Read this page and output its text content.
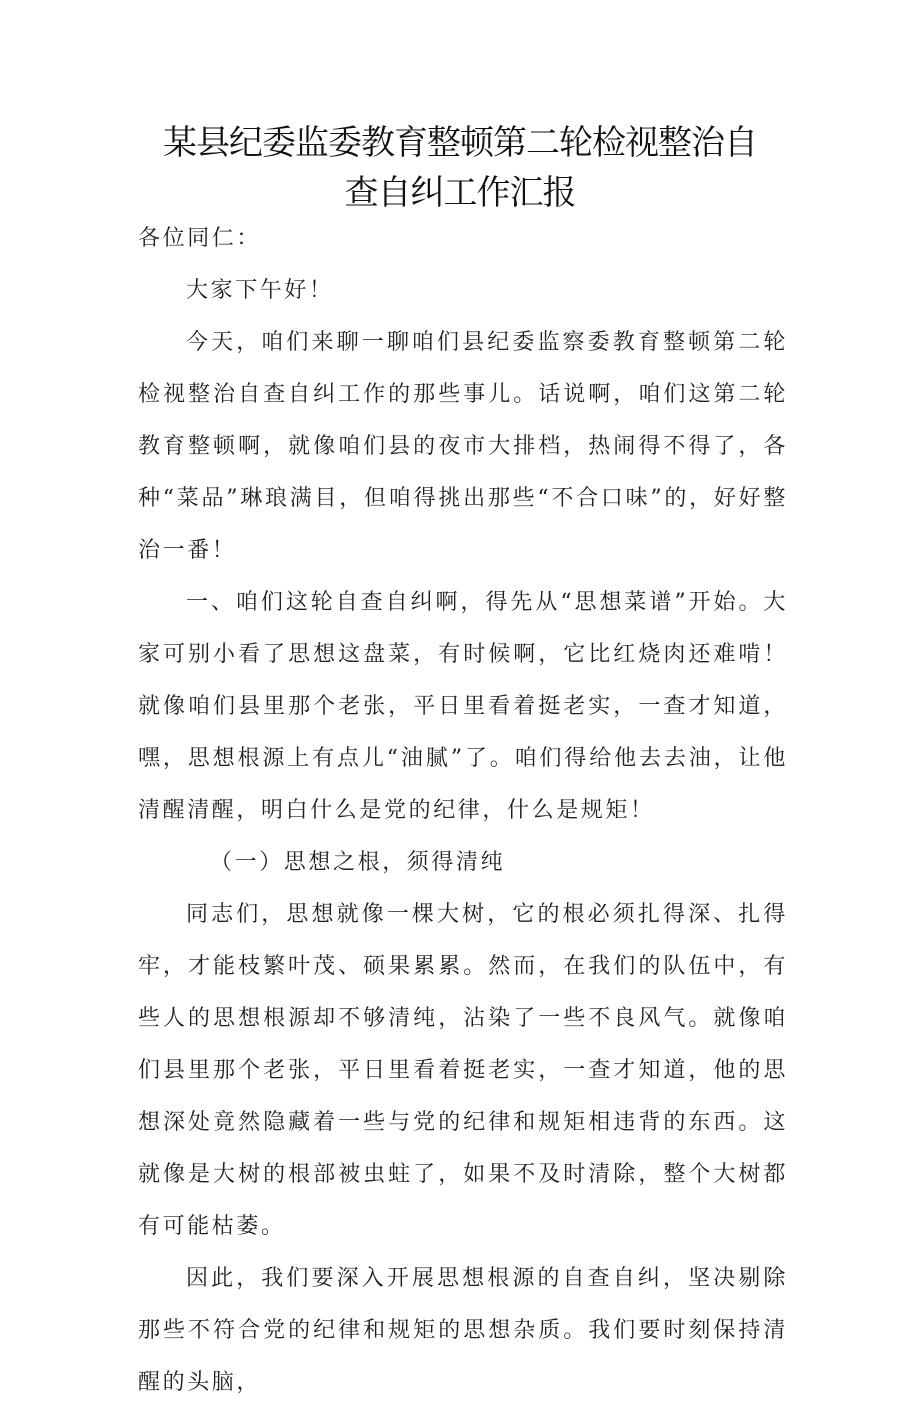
某县纪委监委教育整顿第二轮检视整治自
查自纠工作汇报

各位同仁：

大家下午好！

今天，咱们来聊一聊咱们县纪委监察委教育整顿第二轮检视整治自查自纠工作的那些事儿。话说啊，咱们这第二轮教育整顿啊，就像咱们县的夜市大排档，热闹得不得了，各种“菜品”琳琅满目，但咱得挑出那些“不合口味”的，好好整治一番！

一、咱们这轮自查自纠啊，得先从“思想菜谱”开始。大家可别小看了思想这盘菜，有时候啊，它比红烧肉还难啃！就像咱们县里那个老张，平日里看着挺老实，一查才知道，嘿，思想根源上有点儿“油腻”了。咱们得给他去去油，让他清醒清醒，明白什么是党的纪律，什么是规矩！

（一）思想之根，须得清纯

同志们，思想就像一棵大树，它的根必须扎得深、扎得牢，才能枝繁叶茂、硕果累累。然而，在我们的队伍中，有些人的思想根源却不够清纯，沾染了一些不良风气。就像咱们县里那个老张，平日里看着挺老实，一查才知道，他的思想深处竟然隐藏着一些与党的纪律和规矩相违背的东西。这就像是大树的根部被虫蛀了，如果不及时清除，整个大树都有可能枯萎。

因此，我们要深入开展思想根源的自查自纠，坚决剔除那些不符合党的纪律和规矩的思想杂质。我们要时刻保持清醒的头脑，
